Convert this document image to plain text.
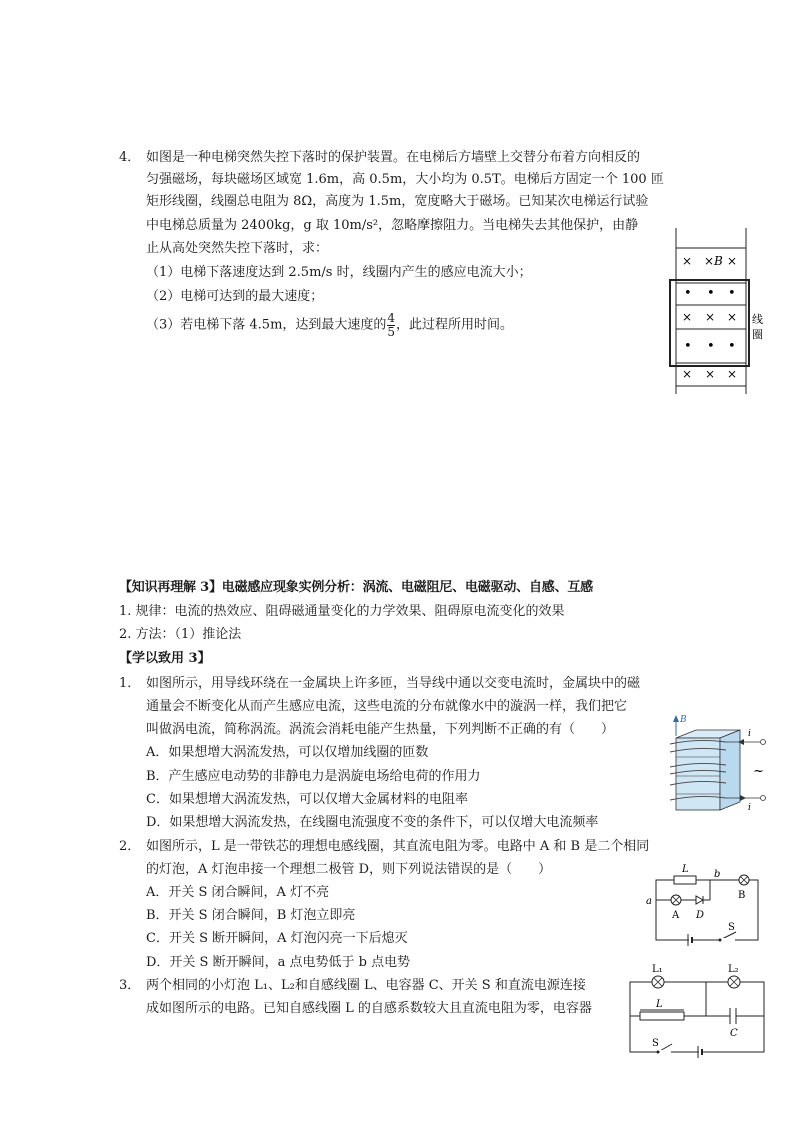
4． 如图是一种电梯突然失控下落时的保护装置。在电梯后方墙壁上交替分布着方向相反的
匀强磁场，每块磁场区域宽 1.6m，高 0.5m，大小均为 0.5T。电梯后方固定一个 100 匝
矩形线圈，线圈总电阻为 8Ω，高度为 1.5m，宽度略大于磁场。已知某次电梯运行试验
中电梯总质量为 2400kg，g 取 10m/s²，忽略摩擦阻力。当电梯失去其他保护，由静
止从高处突然失控下落时，求：
（1）电梯下落速度达到 2.5m/s 时，线圈内产生的感应电流大小；
（2）电梯可达到的最大速度；
（3）若电梯下落 4.5m，达到最大速度的 $\frac{4}{5}$ ，此过程所用时间。
× × B ×
• • •
× × ×
• • •
× × ×
线
圈
【知识再理解 3】电磁感应现象实例分析：涡流、电磁阻尼、电磁驱动、自感、互感
1. 规律：电流的热效应、阻碍磁通量变化的力学效果、阻碍原电流变化的效果
2. 方法：（1）推论法
【学以致用 3】
1． 如图所示，用导线环绕在一金属块上许多匝，当导线中通以交变电流时，金属块中的磁
通量会不断变化从而产生感应电流，这些电流的分布就像水中的漩涡一样，我们把它
叫做涡电流，简称涡流。涡流会消耗电能产生热量，下列判断不正确的有（　　）
A．如果想增大涡流发热，可以仅增加线圈的匝数
B．产生感应电动势的非静电力是涡旋电场给电荷的作用力
C．如果想增大涡流发热，可以仅增大金属材料的电阻率
D．如果想增大涡流发热，在线圈电流强度不变的条件下，可以仅增大电流频率
B
i
i
~
2． 如图所示，L 是一带铁芯的理想电感线圈，其直流电阻为零。电路中 A 和 B 是二个相同
的灯泡，A 灯泡串接一个理想二极管 D，则下列说法错误的是（　　）
A．开关 S 闭合瞬间，A 灯不亮
B．开关 S 闭合瞬间，B 灯泡立即亮
C．开关 S 断开瞬间，A 灯泡闪亮一下后熄灭
D．开关 S 断开瞬间，a 点电势低于 b 点电势
L
a
b
A D
B
S
3． 两个相同的小灯泡 L₁、L₂和自感线圈 L、电容器 C、开关 S 和直流电源连接
成如图所示的电路。已知自感线圈 L 的自感系数较大且直流电阻为零，电容器
L₁	L₂
L
C
S
